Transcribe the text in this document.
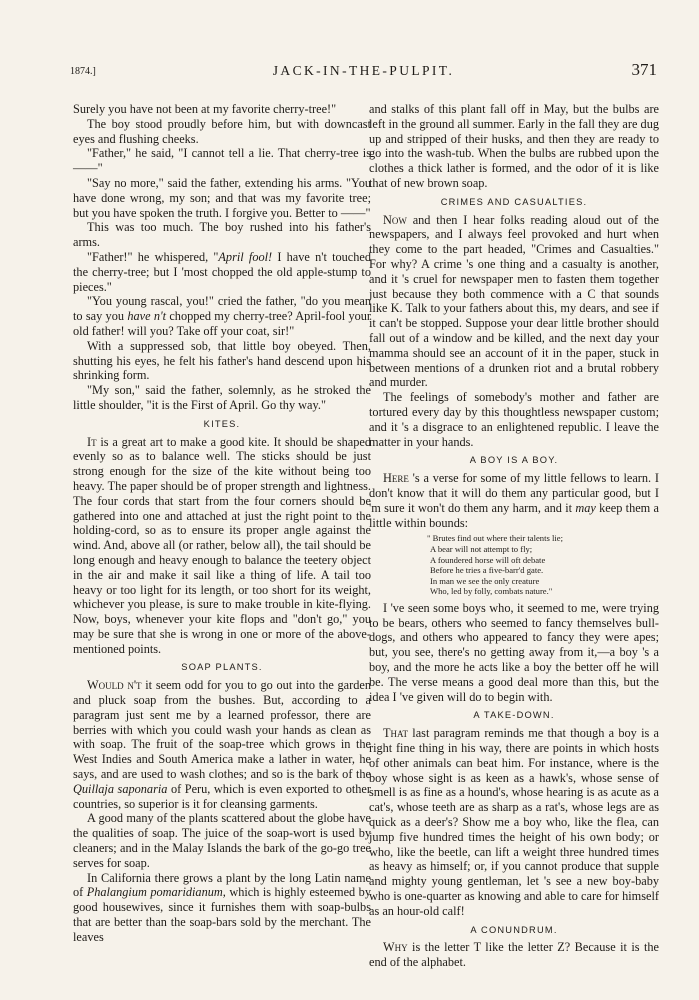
1874.]	JACK-IN-THE-PULPIT.	371

Surely you have not been at my favorite cherry-tree!"

The boy stood proudly before him, but with downcast eyes and flushing cheeks.

"Father," he said, "I cannot tell a lie. That cherry-tree is ——"

"Say no more," said the father, extending his arms. "You have done wrong, my son; and that was my favorite tree; but you have spoken the truth. I forgive you. Better to ——"

This was too much. The boy rushed into his father's arms.

"Father!" he whispered, "April fool! I have n't touched the cherry-tree; but I 'most chopped the old apple-stump to pieces."

"You young rascal, you!" cried the father, "do you mean to say you have n't chopped my cherry-tree? April-fool your old father! will you? Take off your coat, sir!"

With a suppressed sob, that little boy obeyed. Then, shutting his eyes, he felt his father's hand descend upon his shrinking form.

"My son," said the father, solemnly, as he stroked the little shoulder, "it is the First of April. Go thy way."

KITES.

It is a great art to make a good kite. It should be shaped evenly so as to balance well. The sticks should be just strong enough for the size of the kite without being too heavy. The paper should be of proper strength and lightness. The four cords that start from the four corners should be gathered into one and attached at just the right point to the holding-cord, so as to ensure its proper angle against the wind. And, above all (or rather, below all), the tail should be long enough and heavy enough to balance the teetery object in the air and make it sail like a thing of life. A tail too heavy or too light for its length, or too short for its weight, whichever you please, is sure to make trouble in kite-flying. Now, boys, whenever your kite flops and "don't go," you may be sure that she is wrong in one or more of the above-mentioned points.

SOAP PLANTS.

Would n't it seem odd for you to go out into the garden and pluck soap from the bushes. But, according to a paragram just sent me by a learned professor, there are berries with which you could wash your hands as clean as with soap. The fruit of the soap-tree which grows in the West Indies and South America make a lather in water, he says, and are used to wash clothes; and so is the bark of the Quillaja saponaria of Peru, which is even exported to other countries, so superior is it for cleansing garments.

A good many of the plants scattered about the globe have the qualities of soap. The juice of the soap-wort is used by cleaners; and in the Malay Islands the bark of the go-go tree serves for soap.

In California there grows a plant by the long Latin name of Phalangium pomaridianum, which is highly esteemed by good housewives, since it furnishes them with soap-bulbs that are better than the soap-bars sold by the merchant. The leaves

and stalks of this plant fall off in May, but the bulbs are left in the ground all summer. Early in the fall they are dug up and stripped of their husks, and then they are ready to go into the wash-tub. When the bulbs are rubbed upon the clothes a thick lather is formed, and the odor of it is like that of new brown soap.

CRIMES AND CASUALTIES.

Now and then I hear folks reading aloud out of the newspapers, and I always feel provoked and hurt when they come to the part headed, "Crimes and Casualties." For why? A crime 's one thing and a casualty is another, and it 's cruel for newspaper men to fasten them together just because they both commence with a C that sounds like K. Talk to your fathers about this, my dears, and see if it can't be stopped. Suppose your dear little brother should fall out of a window and be killed, and the next day your mamma should see an account of it in the paper, stuck in between mentions of a drunken riot and a brutal robbery and murder.

The feelings of somebody's mother and father are tortured every day by this thoughtless newspaper custom; and it 's a disgrace to an enlightened republic. I leave the matter in your hands.

A BOY IS A BOY.

Here 's a verse for some of my little fellows to learn. I don't know that it will do them any particular good, but I 'm sure it won't do them any harm, and it may keep them a little within bounds:

" Brutes find out where their talents lie;
A bear will not attempt to fly;
A foundered horse will oft debate
Before he tries a five-barr'd gate.
In man we see the only creature
Who, led by folly, combats nature."

I 've seen some boys who, it seemed to me, were trying to be bears, others who seemed to fancy themselves bull-dogs, and others who appeared to fancy they were apes; but, you see, there's no getting away from it,—a boy 's a boy, and the more he acts like a boy the better off he will be. The verse means a good deal more than this, but the idea I 've given will do to begin with.

A TAKE-DOWN.

That last paragram reminds me that though a boy is a right fine thing in his way, there are points in which hosts of other animals can beat him. For instance, where is the boy whose sight is as keen as a hawk's, whose sense of smell is as fine as a hound's, whose hearing is as acute as a cat's, whose teeth are as sharp as a rat's, whose legs are as quick as a deer's? Show me a boy who, like the flea, can jump five hundred times the height of his own body; or who, like the beetle, can lift a weight three hundred times as heavy as himself; or, if you cannot produce that supple and mighty young gentleman, let 's see a new boy-baby who is one-quarter as knowing and able to care for himself as an hour-old calf!

A CONUNDRUM.

Why is the letter T like the letter Z? Because it is the end of the alphabet.
